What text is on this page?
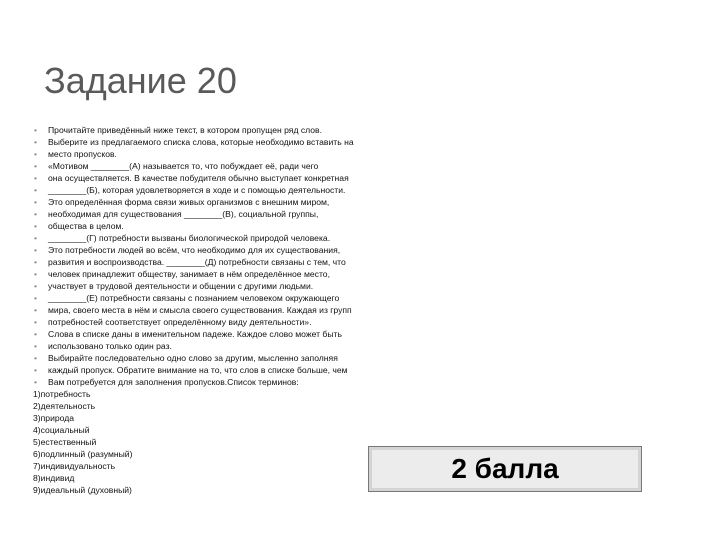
Задание 20
• Прочитайте приведённый ниже текст, в котором пропущен ряд слов.
• Выберите из предлагаемого списка слова, которые необходимо вставить на
• место пропусков.
• «Мотивом ________(А) называется то, что побуждает её, ради чего
• она осуществляется. В качестве побудителя обычно выступает конкретная
• ________(Б), которая удовлетворяется в ходе и с помощью деятельности.
• Это определённая форма связи живых организмов с внешним миром,
• необходимая для существования ________(В), социальной группы,
• общества в целом.
• ________(Г) потребности вызваны биологической природой человека.
• Это потребности людей во всём, что необходимо для их существования,
• развития и воспроизводства. ________(Д) потребности связаны с тем, что
• человек принадлежит обществу, занимает в нём определённое место,
• участвует в трудовой деятельности и общении с другими людьми.
• ________(Е) потребности связаны с познанием человеком окружающего
• мира, своего места в нём и смысла своего существования. Каждая из групп
• потребностей соответствует определённому виду деятельности».
• Слова в списке даны в именительном падеже. Каждое слово может быть
• использовано только один раз.
• Выбирайте последовательно одно слово за другим, мысленно заполняя
• каждый пропуск. Обратите внимание на то, что слов в списке больше, чем
• Вам потребуется для заполнения пропусков.Список терминов:
1)потребность
2)деятельность
3)природа
4)социальный
5)естественный
6)подлинный (разумный)
7)индивидуальность
8)индивид
9)идеальный (духовный)
2 балла
